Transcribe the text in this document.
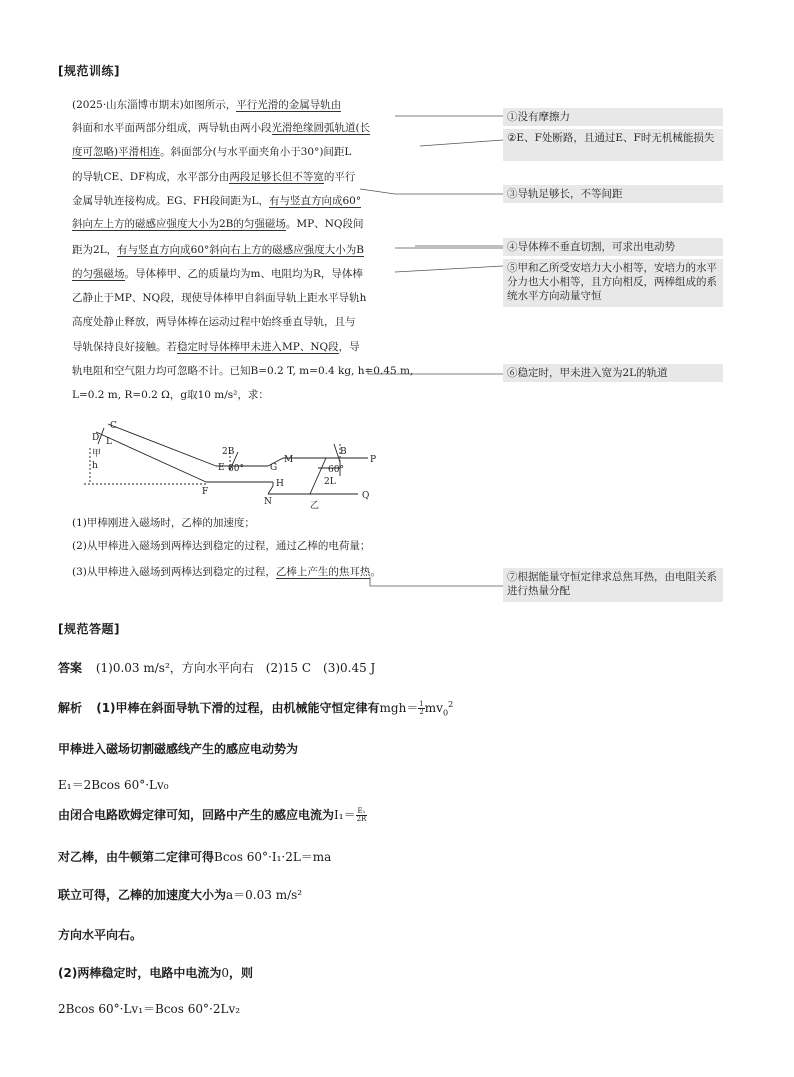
[规范训练]
(2025·山东淄博市期末)如图所示，平行光滑的金属导轨由
斜面和水平面两部分组成，两导轨由两小段光滑绝缘圆弧轨道(长
度可忽略)平滑相连。斜面部分(与水平面夹角小于30°)间距L
的导轨CE、DF构成，水平部分由两段足够长但不等宽的平行
金属导轨连接构成。EG、FH段间距为L，有与竖直方向成60°
斜向左上方的磁感应强度大小为2B的匀强磁场。MP、NQ段间
距为2L，有与竖直方向成60°斜向右上方的磁感应强度大小为B
的匀强磁场。导体棒甲、乙的质量均为m、电阻均为R，导体棒
乙静止于MP、NQ段，现使导体棒甲自斜面导轨上距水平导轨h
高度处静止释放，两导体棒在运动过程中始终垂直导轨，且与
导轨保持良好接触。若稳定时导体棒甲未进入MP、NQ段，导
轨电阻和空气阻力均可忽略不计。已知B=0.2 T, m=0.4 kg, h=0.45 m,
L=0.2 m, R=0.2 Ω，g取10 m/s²，求：
(1)甲棒刚进入磁场时，乙棒的加速度；
(2)从甲棒进入磁场到两棒达到稳定的过程，通过乙棒的电荷量；
(3)从甲棒进入磁场到两棒达到稳定的过程，乙棒上产生的焦耳热。
①没有摩擦力
②E、F处断路，且通过E、F时无机械能损失
③导轨足够长，不等间距
④导体棒不垂直切割，可求出电动势
⑤甲和乙所受安培力大小相等，安培力的水平分力也大小相等，且方向相反，两棒组成的系统水平方向动量守恒
⑥稳定时，甲未进入宽为2L的轨道
⑦根据能量守恒定律求总焦耳热，由电阻关系进行热量分配
C
D L
甲
h
2B
E 60°
F
G
H
M
N
B
60°
2L
P
Q
乙
[规范答题]
答案 (1)0.03 m/s²，方向水平向右　(2)15 C　(3)0.45 J
解析 (1)甲棒在斜面导轨下滑的过程，由机械能守恒定律有$mgh= \frac{1}{2} mv_0^2$
甲棒进入磁场切割磁感线产生的感应电动势为
E₁＝2Bcos 60°·Lv₀
由闭合电路欧姆定律可知，回路中产生的感应电流为$I_1= \frac{\text{E₁}}{2R}$
对乙棒，由牛顿第二定律可得Bcos 60°·I₁·2L＝ma
联立可得，乙棒的加速度大小为a＝0.03 m/s²
方向水平向右。
(2)两棒稳定时，电路中电流为0，则
2Bcos 60°·Lv₁＝Bcos 60°·2Lv₂
